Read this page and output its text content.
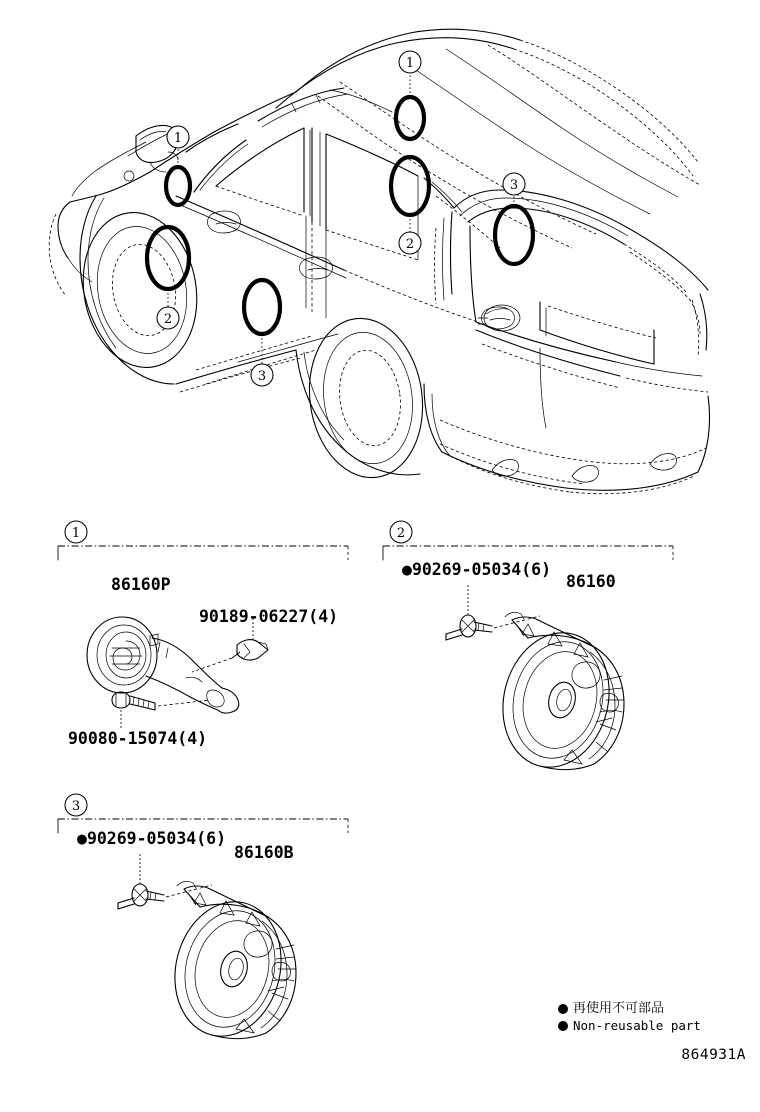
1
2
3
1
2
3
1
86160P
90189-06227(4)
90080-15074(4)
2
●90269-05034(6)
86160
3
●90269-05034(6)
86160B
再使用不可部品
Non-reusable part
864931A
